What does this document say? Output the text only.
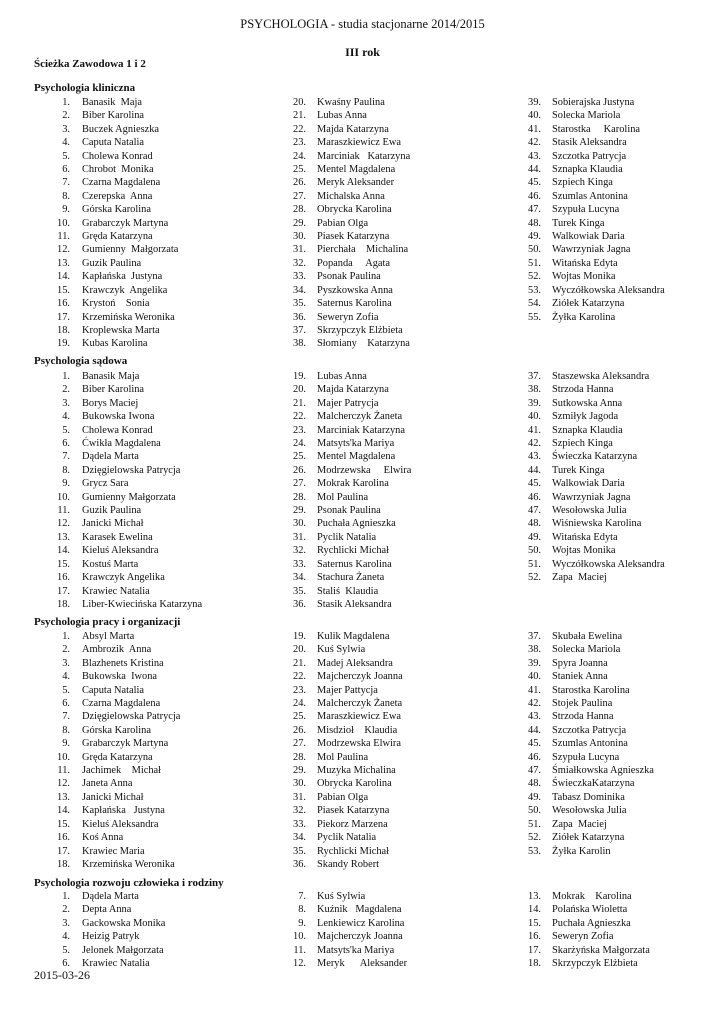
PSYCHOLOGIA - studia stacjonarne 2014/2015
III rok
Ścieżka Zawodowa 1 i 2
Psychologia kliniczna
1. Banasik  Maja
2. Biber Karolina
3. Buczek Agnieszka
4. Caputa Natalia
5. Cholewa Konrad
6. Chrobot  Monika
7. Czarna Magdalena
8. Czerepska  Anna
9. Górska Karolina
10. Grabarczyk Martyna
11. Gręda Katarzyna
12. Gumienny  Małgorzata
13. Guzik Paulina
14. Kapłańska  Justyna
15. Krawczyk  Angelika
16. Krystoń    Sonia
17. Krzemińska Weronika
18. Kroplewska Marta
19. Kubas Karolina
20. Kwaśny Paulina
21. Lubas Anna
22. Majda Katarzyna
23. Maraszkiewicz Ewa
24. Marciniak   Katarzyna
25. Mentel Magdalena
26. Meryk Aleksander
27. Michalska Anna
28. Obrycka Karolina
29. Pabian Olga
30. Piasek Katarzyna
31. Pierchała    Michalina
32. Popanda     Agata
33. Psonak Paulina
34. Pyszkowska Anna
35. Saternus Karolina
36. Seweryn Zofia
37. Skrzypczyk Elżbieta
38. Słomiany    Katarzyna
39. Sobierajska Justyna
40. Solecka Mariola
41. Starostka     Karolina
42. Stasik Aleksandra
43. Szczotka Patrycja
44. Sznapka Klaudia
45. Szpiech Kinga
46. Szumlas Antonina
47. Szypuła Lucyna
48. Turek Kinga
49. Walkowiak Daria
50. Wawrzyniak Jagna
51. Witańska Edyta
52. Wojtas Monika
53. Wyczółkowska Aleksandra
54. Ziółek Katarzyna
55. Żyłka Karolina
Psychologia sądowa
1. Banasik Maja
2. Biber Karolina
3. Borys Maciej
4. Bukowska Iwona
5. Cholewa Konrad
6. Ćwikła Magdalena
7. Dądela Marta
8. Dzięgielowska Patrycja
9. Grycz Sara
10. Gumienny Małgorzata
11. Guzik Paulina
12. Janicki Michał
13. Karasek Ewelina
14. Kieluś Aleksandra
15. Kostuś Marta
16. Krawczyk Angelika
17. Krawiec Natalia
18. Liber-Kwiecińska Katarzyna
19. Lubas Anna
20. Majda Katarzyna
21. Majer Patrycja
22. Malcherczyk Żaneta
23. Marciniak Katarzyna
24. Matsyts'ka Mariya
25. Mentel Magdalena
26. Modrzewska     Elwira
27. Mokrak Karolina
28. Mol Paulina
29. Psonak Paulina
30. Puchała Agnieszka
31. Pyclik Natalia
32. Rychlicki Michał
33. Saternus Karolina
34. Stachura Żaneta
35. Staliś  Klaudia
36. Stasik Aleksandra
37. Staszewska Aleksandra
38. Strzoda Hanna
39. Sutkowska Anna
40. Szmiłyk Jagoda
41. Sznapka Klaudia
42. Szpiech Kinga
43. Świeczka Katarzyna
44. Turek Kinga
45. Walkowiak Daria
46. Wawrzyniak Jagna
47. Wesołowska Julia
48. Wiśniewska Karolina
49. Witańska Edyta
50. Wojtas Monika
51. Wyczółkowska Aleksandra
52. Zapa  Maciej
Psychologia pracy i organizacji
1. Absyl Marta
2. Ambrozik  Anna
3. Blazhenets Kristina
4. Bukowska  Iwona
5. Caputa Natalia
6. Czarna Magdalena
7. Dzięgielowska Patrycja
8. Górska Karolina
9. Grabarczyk Martyna
10. Gręda Katarzyna
11. Jachimek    Michał
12. Janeta Anna
13. Janicki Michał
14. Kapłańska   Justyna
15. Kieluś Aleksandra
16. Koś Anna
17. Krawiec Maria
18. Krzemińska Weronika
19. Kulik Magdalena
20. Kuś Sylwia
21. Madej Aleksandra
22. Majcherczyk Joanna
23. Majer Pattycja
24. Malcherczyk Żaneta
25. Maraszkiewicz Ewa
26. Misdzioł    Klaudia
27. Modrzewska Elwira
28. Mol Paulina
29. Muzyka Michalina
30. Obrycka Karolina
31. Pabian Olga
32. Piasek Katarzyna
33. Piekorz Marzena
34. Pyclik Natalia
35. Rychlicki Michał
36. Skandy Robert
37. Skubała Ewelina
38. Solecka Mariola
39. Spyra Joanna
40. Staniek Anna
41. Starostka Karolina
42. Stojek Paulina
43. Strzoda Hanna
44. Szczotka Patrycja
45. Szumlas Antonina
46. Szypuła Lucyna
47. Śmiałkowska Agnieszka
48. ŚwieczkaKatarzyna
49. Tabasz Dominika
50. Wesołowska Julia
51. Zapa  Maciej
52. Ziółek Katarzyna
53. Żyłka Karolin
Psychologia rozwoju człowieka i rodziny
1. Dądela Marta
2. Depta Anna
3. Gackowska Monika
4. Heizig Patryk
5. Jelonek Małgorzata
6. Krawiec Natalia
7. Kuś Sylwia
8. Kuźnik   Magdalena
9. Lenkiewicz Karolina
10. Majcherczyk Joanna
11. Matsyts'ka Mariya
12. Meryk      Aleksander
13. Mokrak    Karolina
14. Polańska Wioletta
15. Puchała Agnieszka
16. Seweryn Zofia
17. Skarżyńska Małgorzata
18. Skrzypczyk Elżbieta
2015-03-26
